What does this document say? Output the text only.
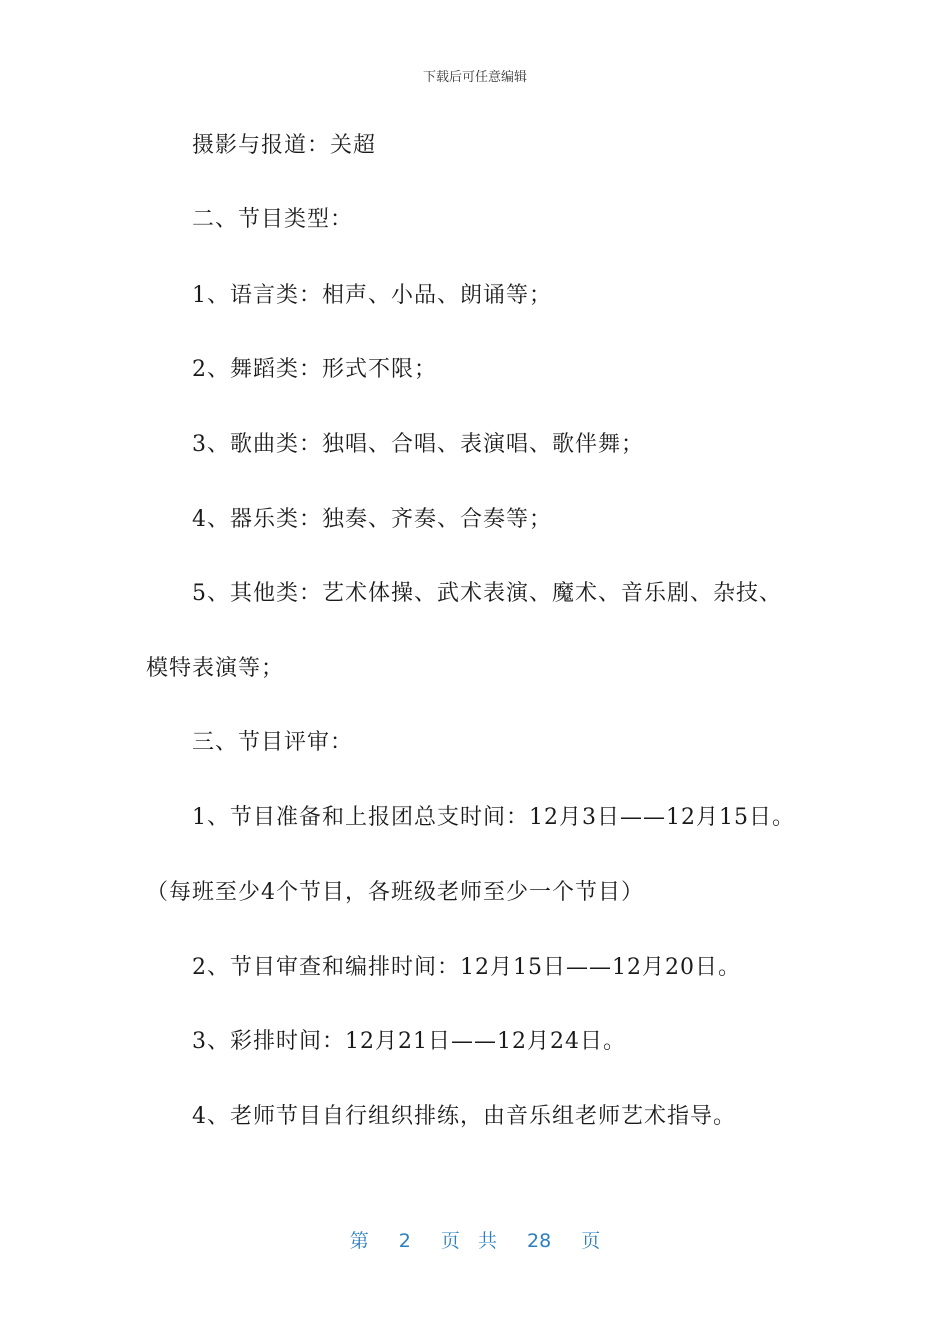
下载后可任意编辑
摄影与报道：关超
二、节目类型：
1、语言类：相声、小品、朗诵等；
2、舞蹈类：形式不限；
3、歌曲类：独唱、合唱、表演唱、歌伴舞；
4、器乐类：独奏、齐奏、合奏等；
5、其他类：艺术体操、武术表演、魔术、音乐剧、杂技、
模特表演等；
三、节目评审：
1、节目准备和上报团总支时间：12月3日——12月15日。
（每班至少4个节目，各班级老师至少一个节目）
2、节目审查和编排时间：12月15日——12月20日。
3、彩排时间：12月21日——12月24日。
4、老师节目自行组织排练，由音乐组老师艺术指导。
第 2 页 共 28 页
